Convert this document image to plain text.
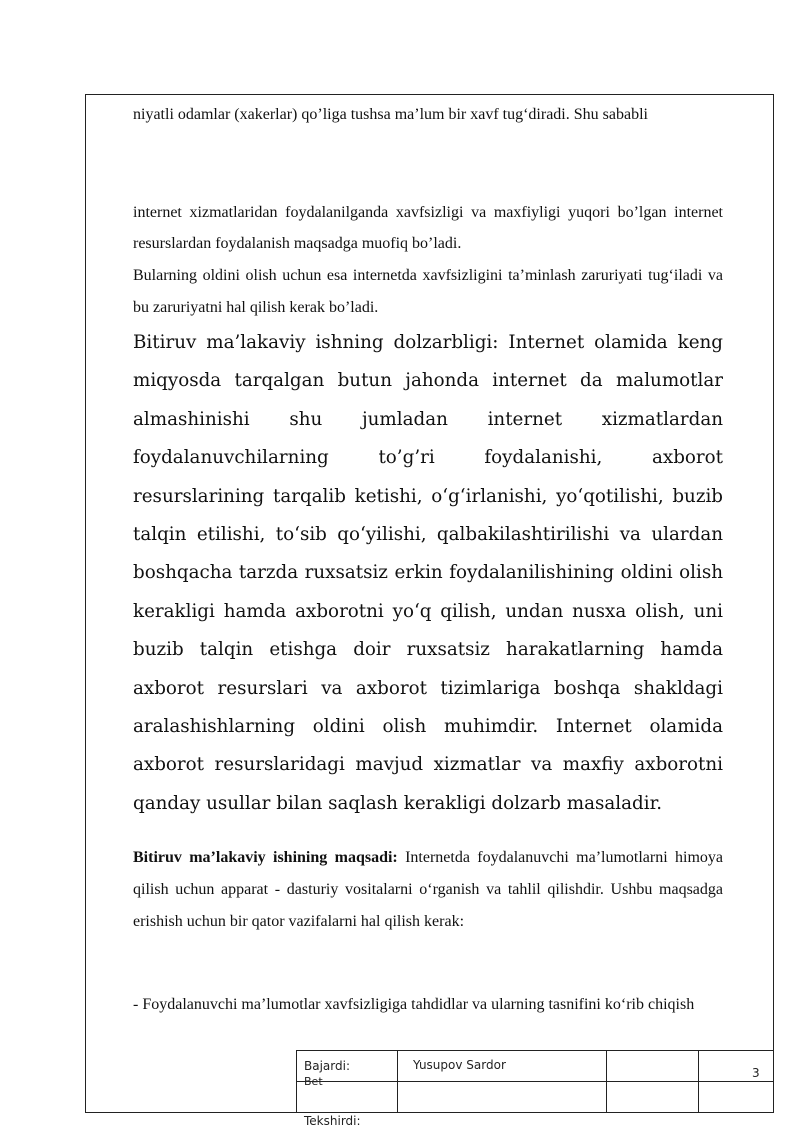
niyatli odamlar (xakerlar) qo’liga tushsa ma’lum bir xavf tug‘diradi. Shu sababli

internet xizmatlaridan foydalanilganda xavfsizligi va maxfiyligi yuqori bo’lgan internet resurslardan foydalanish maqsadga muofiq bo’ladi.

Bularning oldini olish uchun esa internetda xavfsizligini ta’minlash zaruriyati tug‘iladi va bu zaruriyatni hal qilish kerak bo’ladi.

Bitiruv ma’lakaviy ishning dolzarbligi: Internet olamida keng miqyosda tarqalgan butun jahonda internet da malumotlar almashinishi shu jumladan internet xizmatlardan foydalanuvchilarning to’g’ri foydalanishi, axborot resurslarining tarqalib ketishi, o‘g‘irlanishi, yo‘qotilishi, buzib talqin etilishi, to‘sib qo‘yilishi, qalbakilashtirilishi va ulardan boshqacha tarzda ruxsatsiz erkin foydalanilishining oldini olish kerakligi hamda axborotni yo‘q qilish, undan nusxa olish, uni buzib talqin etishga doir ruxsatsiz harakatlarning hamda axborot resurslari va axborot tizimlariga boshqa shakldagi aralashishlarning oldini olish muhimdir. Internet olamida axborot resurslaridagi mavjud xizmatlar va maxfiy axborotni qanday usullar bilan saqlash kerakligi dolzarb masaladir.

Bitiruv ma’lakaviy ishining maqsadi: Internetda foydalanuvchi ma’lumotlarni himoya qilish uchun apparat - dasturiy vositalarni o‘rganish va tahlil qilishdir. Ushbu maqsadga erishish uchun bir qator vazifalarni hal qilish kerak:

- Foydalanuvchi ma’lumotlar xavfsizligiga tahdidlar va ularning tasnifini ko‘rib chiqish

Bajardi:
Bet
Yusupov Sardor
3
Tekshirdi:
